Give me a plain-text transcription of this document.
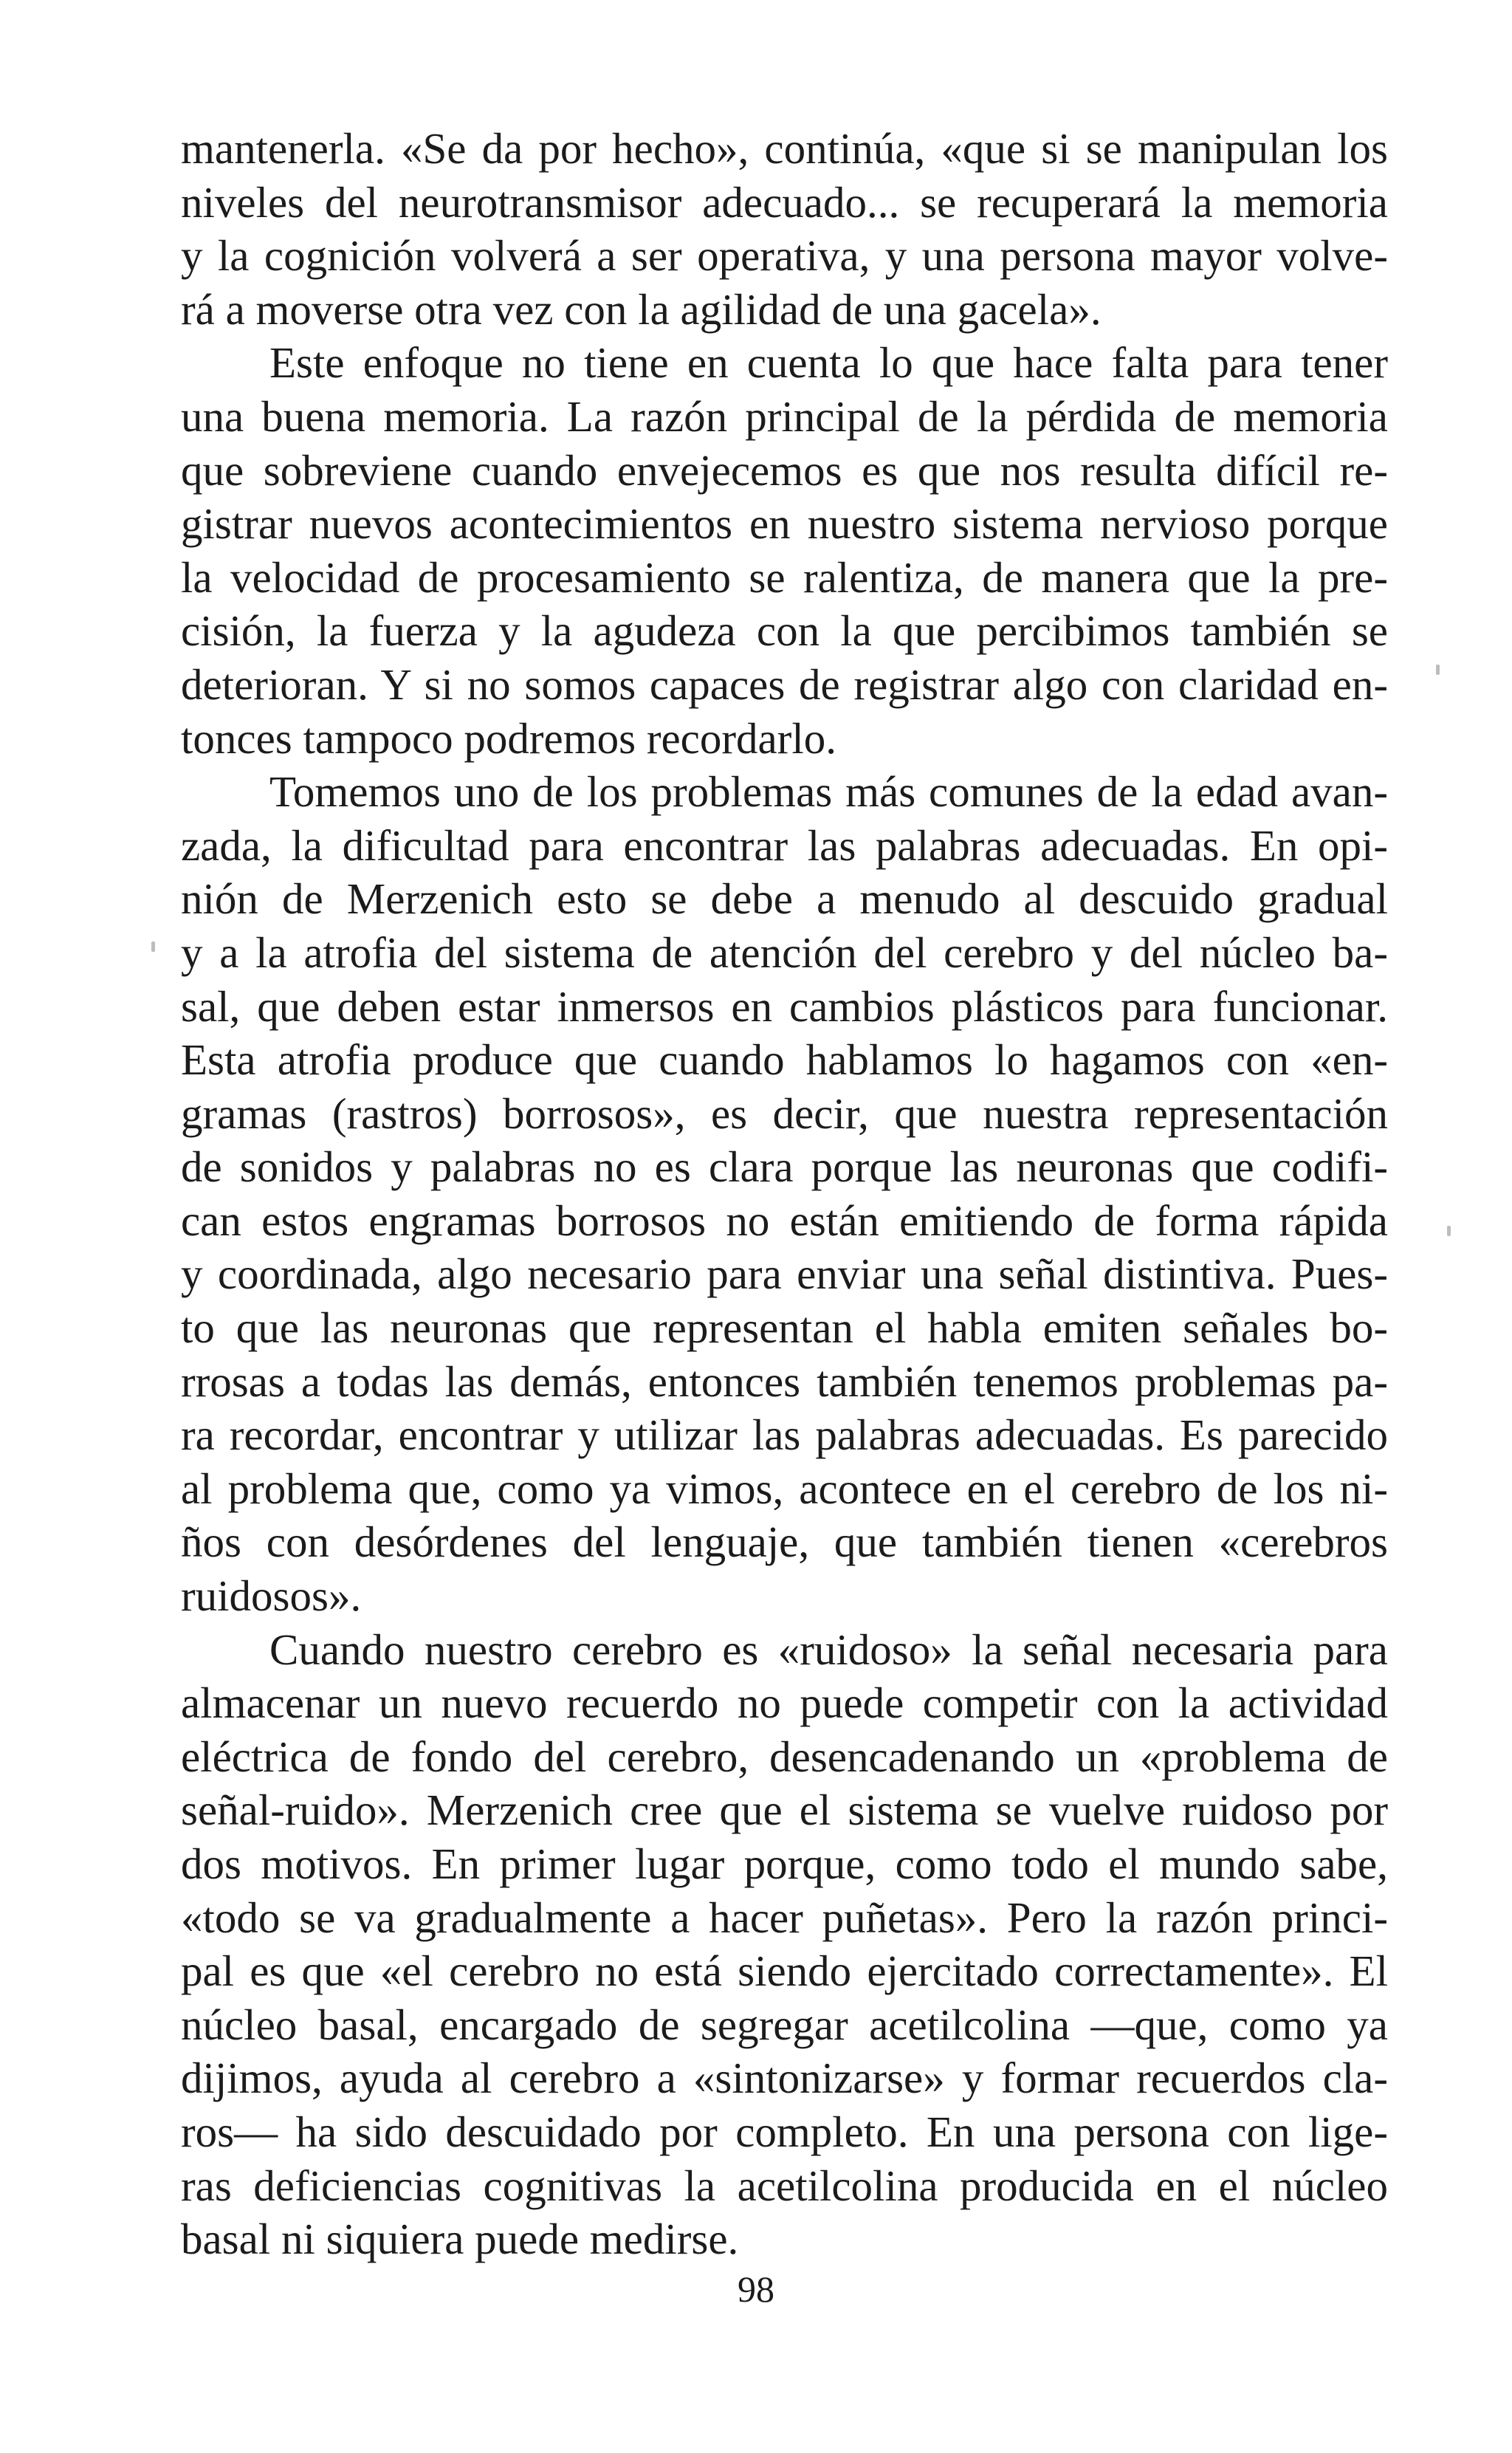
mantenerla. «Se da por hecho», continúa, «que si se manipulan los
niveles del neurotransmisor adecuado... se recuperará la memoria
y la cognición volverá a ser operativa, y una persona mayor volve-
rá a moverse otra vez con la agilidad de una gacela».

Este enfoque no tiene en cuenta lo que hace falta para tener
una buena memoria. La razón principal de la pérdida de memoria
que sobreviene cuando envejecemos es que nos resulta difícil re-
gistrar nuevos acontecimientos en nuestro sistema nervioso porque
la velocidad de procesamiento se ralentiza, de manera que la pre-
cisión, la fuerza y la agudeza con la que percibimos también se
deterioran. Y si no somos capaces de registrar algo con claridad en-
tonces tampoco podremos recordarlo.

Tomemos uno de los problemas más comunes de la edad avan-
zada, la dificultad para encontrar las palabras adecuadas. En opi-
nión de Merzenich esto se debe a menudo al descuido gradual
y a la atrofia del sistema de atención del cerebro y del núcleo ba-
sal, que deben estar inmersos en cambios plásticos para funcionar.
Esta atrofia produce que cuando hablamos lo hagamos con «en-
gramas (rastros) borrosos», es decir, que nuestra representación
de sonidos y palabras no es clara porque las neuronas que codifi-
can estos engramas borrosos no están emitiendo de forma rápida
y coordinada, algo necesario para enviar una señal distintiva. Pues-
to que las neuronas que representan el habla emiten señales bo-
rrosas a todas las demás, entonces también tenemos problemas pa-
ra recordar, encontrar y utilizar las palabras adecuadas. Es parecido
al problema que, como ya vimos, acontece en el cerebro de los ni-
ños con desórdenes del lenguaje, que también tienen «cerebros
ruidosos».

Cuando nuestro cerebro es «ruidoso» la señal necesaria para
almacenar un nuevo recuerdo no puede competir con la actividad
eléctrica de fondo del cerebro, desencadenando un «problema de
señal-ruido». Merzenich cree que el sistema se vuelve ruidoso por
dos motivos. En primer lugar porque, como todo el mundo sabe,
«todo se va gradualmente a hacer puñetas». Pero la razón princi-
pal es que «el cerebro no está siendo ejercitado correctamente». El
núcleo basal, encargado de segregar acetilcolina —que, como ya
dijimos, ayuda al cerebro a «sintonizarse» y formar recuerdos cla-
ros— ha sido descuidado por completo. En una persona con lige-
ras deficiencias cognitivas la acetilcolina producida en el núcleo
basal ni siquiera puede medirse.

98
